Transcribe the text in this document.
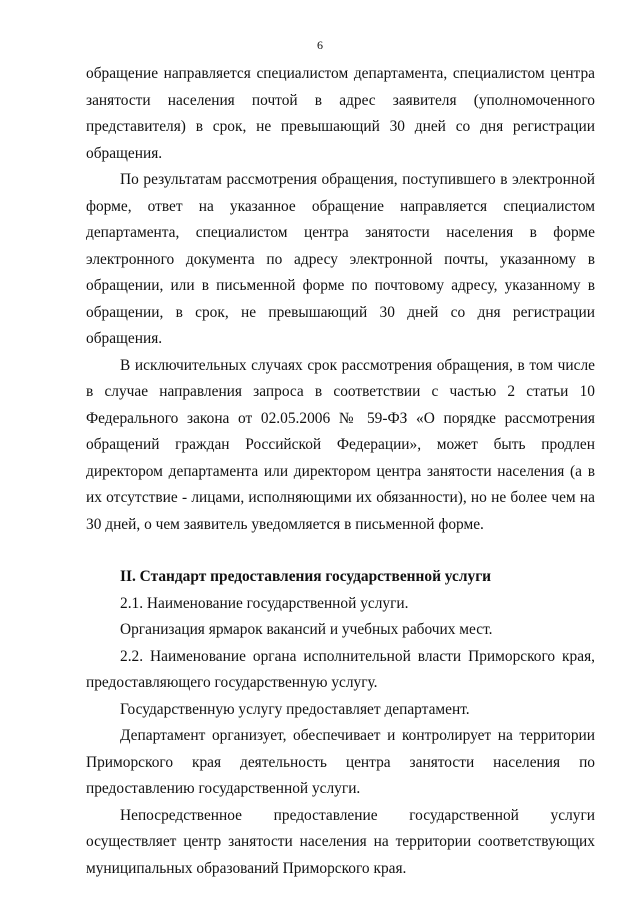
6

обращение направляется специалистом департамента, специалистом центра занятости населения почтой в адрес заявителя (уполномоченного представителя) в срок, не превышающий 30 дней со дня регистрации обращения.

По результатам рассмотрения обращения, поступившего в электронной форме, ответ на указанное обращение направляется специалистом департамента, специалистом центра занятости населения в форме электронного документа по адресу электронной почты, указанному в обращении, или в письменной форме по почтовому адресу, указанному в обращении, в срок, не превышающий 30 дней со дня регистрации обращения.

В исключительных случаях срок рассмотрения обращения, в том числе в случае направления запроса в соответствии с частью 2 статьи 10 Федерального закона от 02.05.2006 № 59-ФЗ «О порядке рассмотрения обращений граждан Российской Федерации», может быть продлен директором департамента или директором центра занятости населения (а в их отсутствие - лицами, исполняющими их обязанности), но не более чем на 30 дней, о чем заявитель уведомляется в письменной форме.

II. Стандарт предоставления государственной услуги

2.1. Наименование государственной услуги.

Организация ярмарок вакансий и учебных рабочих мест.

2.2. Наименование органа исполнительной власти Приморского края, предоставляющего государственную услугу.

Государственную услугу предоставляет департамент.

Департамент организует, обеспечивает и контролирует на территории Приморского края деятельность центра занятости населения по предоставлению государственной услуги.

Непосредственное предоставление государственной услуги осуществляет центр занятости населения на территории соответствующих муниципальных образований Приморского края.
